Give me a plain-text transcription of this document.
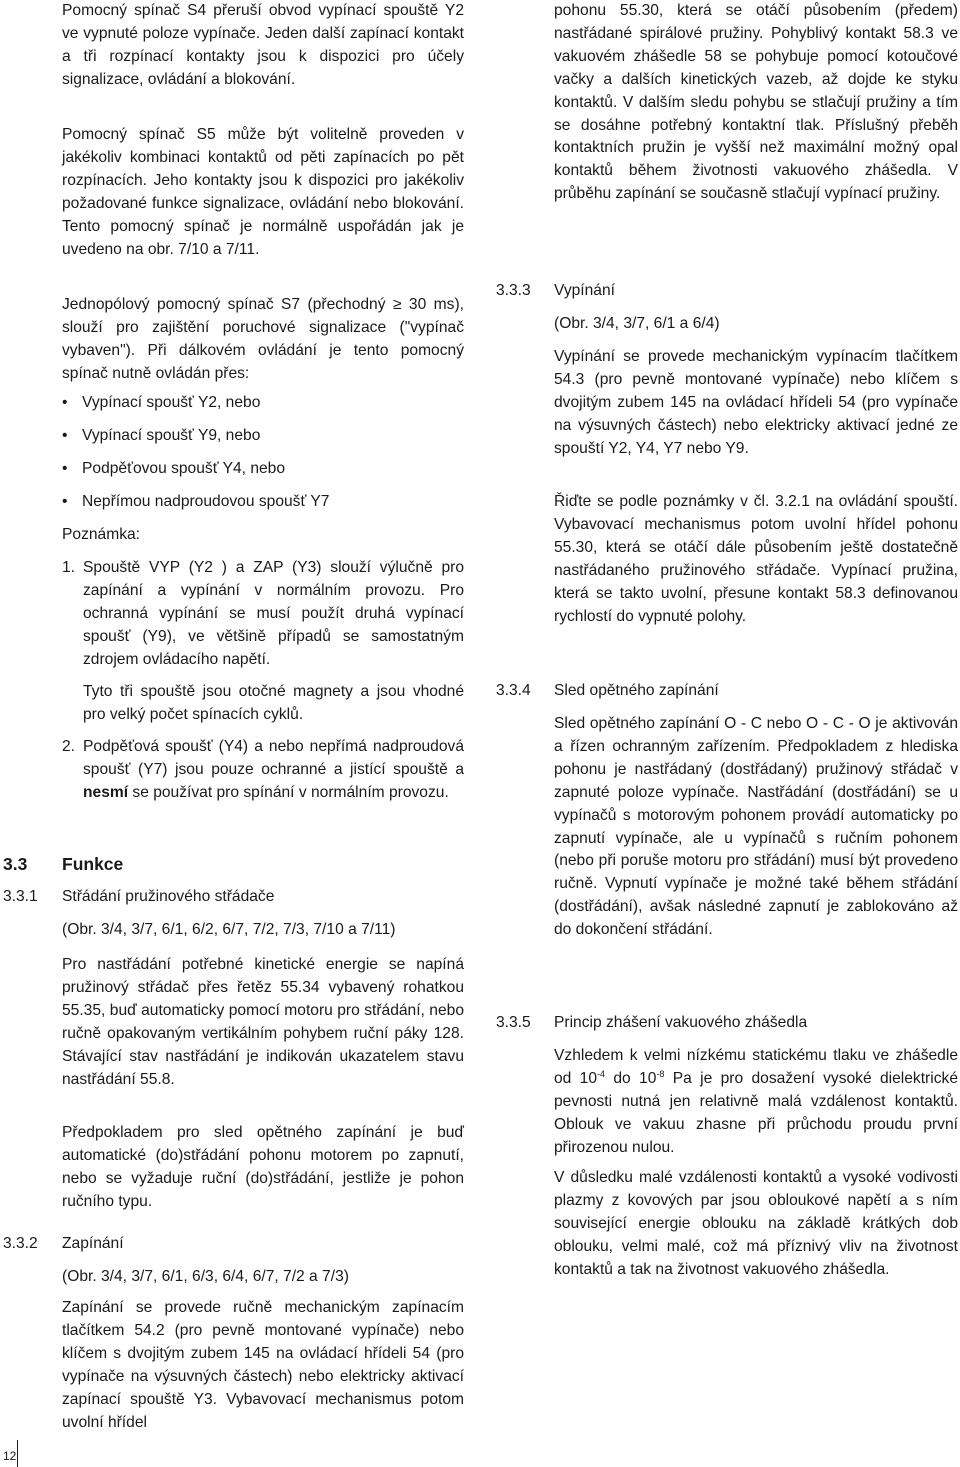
Pomocný spínač S4 přeruší obvod vypínací spouště Y2 ve vypnuté poloze vypínače. Jeden další zapínací kontakt a tři rozpínací kontakty jsou k dispozici pro účely signalizace, ovládání a blokování.

Pomocný spínač S5 může být volitelně proveden v jakékoliv kombinaci kontaktů od pěti zapínacích po pět rozpínacích. Jeho kontakty jsou k dispozici pro jakékoliv požadované funkce signalizace, ovládání nebo blokování. Tento pomocný spínač je normálně uspořádán jak je uvedeno na obr. 7/10 a 7/11.

Jednopólový pomocný spínač S7 (přechodný ≥ 30 ms), slouží pro zajištění poruchové signalizace ("vypínač vybaven"). Při dálkovém ovládání je tento pomocný spínač nutně ovládán přes:

• Vypínací spoušť Y2, nebo
• Vypínací spoušť Y9, nebo
• Podpěťovou spoušť Y4, nebo
• Nepřímou nadproudovou spoušť Y7

Poznámka:

1. Spouště VYP (Y2 ) a ZAP (Y3) slouží výlučně pro zapínání a vypínání v normálním provozu. Pro ochranná vypínání se musí použít druhá vypínací spoušť (Y9), ve většině případů se samostatným zdrojem ovládacího napětí.

Tyto tři spouště jsou otočné magnety a jsou vhodné pro velký počet spínacích cyklů.

2. Podpěťová spoušť (Y4) a nebo nepřímá nadproudová spoušť (Y7) jsou pouze ochranné a jistící spouště a nesmí se používat pro spínání v normálním provozu.
3.3 Funkce
3.3.1 Střádání pružinového střádače

(Obr. 3/4, 3/7, 6/1, 6/2, 6/7, 7/2, 7/3, 7/10 a 7/11)

Pro nastřádání potřebné kinetické energie se napíná pružinový střádač přes řetěz 55.34 vybavený rohatkou 55.35, buď automaticky pomocí motoru pro střádání, nebo ručně opakovaným vertikálním pohybem ruční páky 128. Stávající stav nastřádání je indikován ukazatelem stavu nastřádání 55.8.

Předpokladem pro sled opětného zapínání je buď automatické (do)střádání pohonu motorem po zapnutí, nebo se vyžaduje ruční (do)střádání, jestliže je pohon ručního typu.

3.3.2 Zapínání

(Obr. 3/4, 3/7, 6/1, 6/3, 6/4, 6/7, 7/2 a 7/3)

Zapínání se provede ručně mechanickým zapínacím tlačítkem 54.2 (pro pevně montované vypínače) nebo klíčem s dvojitým zubem 145 na ovládací hřídeli 54 (pro vypínače na výsuvných částech) nebo elektricky aktivací zapínací spouště Y3. Vybavovací mechanismus potom uvolní hřídel

pohonu 55.30, která se otáčí působením (předem) nastřádané spirálové pružiny. Pohyblivý kontakt 58.3 ve vakuovém zhášedle 58 se pohybuje pomocí kotoučové vačky a dalších kinetických vazeb, až dojde ke styku kontaktů. V dalším sledu pohybu se stlačují pružiny a tím se dosáhne potřebný kontaktní tlak. Příslušný přeběh kontaktních pružin je vyšší než maximální možný opal kontaktů během životnosti vakuového zhášedla. V průběhu zapínání se současně stlačují vypínací pružiny.

3.3.3 Vypínání

(Obr. 3/4, 3/7, 6/1 a 6/4)

Vypínání se provede mechanickým vypínacím tlačítkem 54.3 (pro pevně montované vypínače) nebo klíčem s dvojitým zubem 145 na ovládací hřídeli 54 (pro vypínače na výsuvných částech) nebo elektricky aktivací jedné ze spouští Y2, Y4, Y7 nebo Y9.

Řiďte se podle poznámky v čl. 3.2.1 na ovládání spouští. Vybavovací mechanismus potom uvolní hřídel pohonu 55.30, která se otáčí dále působením ještě dostatečně nastřádaného pružinového střádače. Vypínací pružina, která se takto uvolní, přesune kontakt 58.3 definovanou rychlostí do vypnuté polohy.

3.3.4 Sled opětného zapínání

Sled opětného zapínání O - C nebo O - C - O je aktivován a řízen ochranným zařízením. Předpokladem z hlediska pohonu je nastřádaný (dostřádaný) pružinový střádač v zapnuté poloze vypínače. Nastřádání (dostřádání) se u vypínačů s motorovým pohonem provádí automaticky po zapnutí vypínače, ale u vypínačů s ručním pohonem (nebo při poruše motoru pro střádání) musí být provedeno ručně. Vypnutí vypínače je možné také během střádání (dostřádání), avšak následné zapnutí je zablokováno až do dokončení střádání.

3.3.5 Princip zhášení vakuového zhášedla

Vzhledem k velmi nízkému statickému tlaku ve zhášedle od $10^{-4}$ do $10^{-8}$ Pa je pro dosažení vysoké dielektrické pevnosti nutná jen relativně malá vzdálenost kontaktů. Oblouk ve vakuu zhasne při průchodu proudu první přirozenou nulou.

V důsledku malé vzdálenosti kontaktů a vysoké vodivosti plazmy z kovových par jsou obloukové napětí a s ním související energie oblouku na základě krátkých dob oblouku, velmi malé, což má příznivý vliv na životnost kontaktů a tak na životnost vakuového zhášedla.

12
